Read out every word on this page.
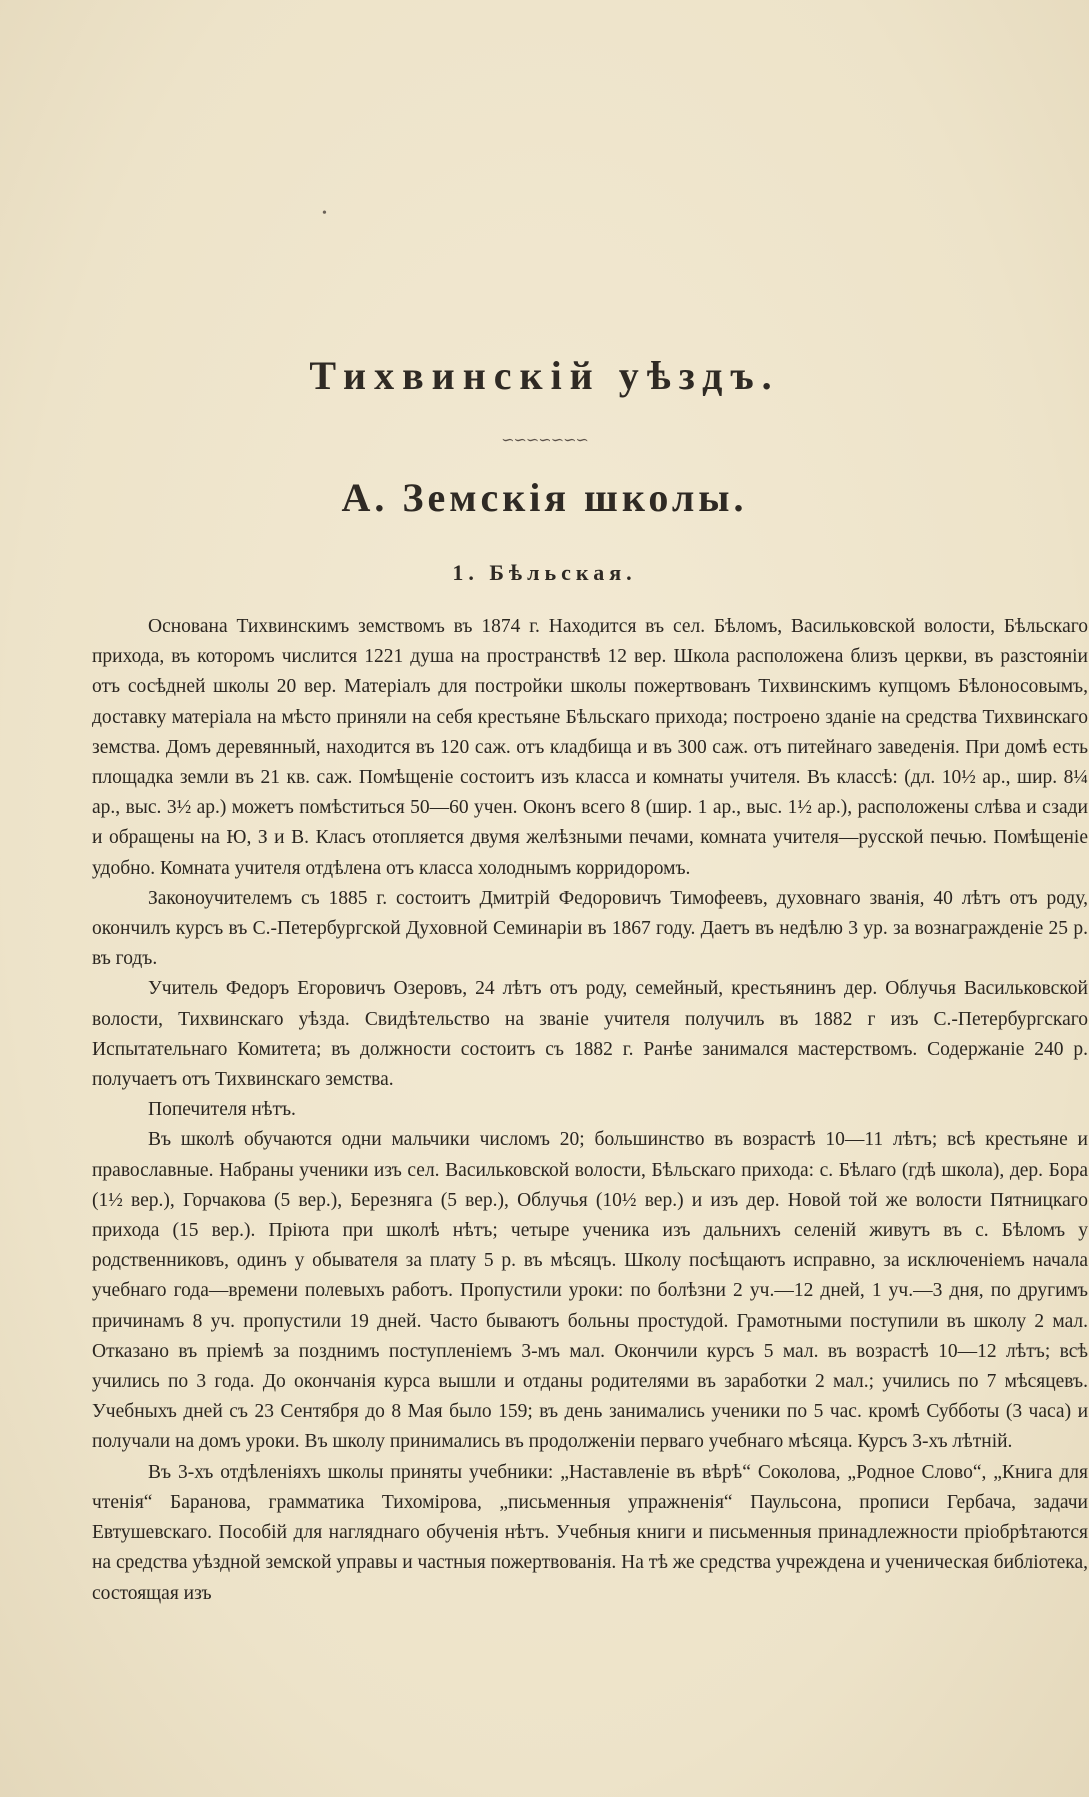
•
Тихвинскій уѣздъ.
∽∽∽∽∽∽∽
А. Земскія школы.
1. Бѣльская.

Основана Тихвинскимъ земствомъ въ 1874 г. Находится въ сел. Бѣломъ, Васильковской волости, Бѣльскаго прихода, въ которомъ числится 1221 душа на пространствѣ 12 вер. Школа расположена близъ церкви, въ разстояніи отъ сосѣдней школы 20 вер. Матеріалъ для постройки школы пожертвованъ Тихвинскимъ купцомъ Бѣлоносовымъ, доставку матеріала на мѣсто приняли на себя крестьяне Бѣльскаго прихода; построено зданіе на средства Тихвинскаго земства. Домъ деревянный, находится въ 120 саж. отъ кладбища и въ 300 саж. отъ питейнаго заведенія. При домѣ есть площадка земли въ 21 кв. саж. Помѣщеніе состоитъ изъ класса и комнаты учителя. Въ классѣ: (дл. 10½ ар., шир. 8¼ ар., выс. 3½ ар.) можетъ помѣститься 50—60 учен. Оконъ всего 8 (шир. 1 ар., выс. 1½ ар.), расположены слѣва и сзади и обращены на Ю, З и В. Класъ отопляется двумя желѣзными печами, комната учителя—русской печью. Помѣщеніе удобно. Комната учителя отдѣлена отъ класса холоднымъ корридоромъ.

Законоучителемъ съ 1885 г. состоитъ Дмитрій Федоровичъ Тимофеевъ, духовнаго званія, 40 лѣтъ отъ роду, окончилъ курсъ въ С.-Петербургской Духовной Семинаріи въ 1867 году. Даетъ въ недѣлю 3 ур. за вознагражденіе 25 р. въ годъ.

Учитель Федоръ Егоровичъ Озеровъ, 24 лѣтъ отъ роду, семейный, крестьянинъ дер. Облучья Васильковской волости, Тихвинскаго уѣзда. Свидѣтельство на званіе учителя получилъ въ 1882 г изъ С.-Петербургскаго Испытательнаго Комитета; въ должности состоитъ съ 1882 г. Ранѣе занимался мастерствомъ. Содержаніе 240 р. получаетъ отъ Тихвинскаго земства.

Попечителя нѣтъ.

Въ школѣ обучаются одни мальчики числомъ 20; большинство въ возрастѣ 10—11 лѣтъ; всѣ крестьяне и православные. Набраны ученики изъ сел. Васильковской волости, Бѣльскаго прихода: с. Бѣлаго (гдѣ школа), дер. Бора (1½ вер.), Горчакова (5 вер.), Березняга (5 вер.), Облучья (10½ вер.) и изъ дер. Новой той же волости Пятницкаго прихода (15 вер.). Пріюта при школѣ нѣтъ; четыре ученика изъ дальнихъ селеній живутъ въ с. Бѣломъ у родственниковъ, одинъ у обывателя за плату 5 р. въ мѣсяцъ. Школу посѣщаютъ исправно, за исключеніемъ начала учебнаго года—времени полевыхъ работъ. Пропустили уроки: по болѣзни 2 уч.—12 дней, 1 уч.—3 дня, по другимъ причинамъ 8 уч. пропустили 19 дней. Часто бываютъ больны простудой. Грамотными поступили въ школу 2 мал. Отказано въ пріемѣ за позднимъ поступленіемъ 3-мъ мал. Окончили курсъ 5 мал. въ возрастѣ 10—12 лѣтъ; всѣ учились по 3 года. До окончанія курса вышли и отданы родителями въ заработки 2 мал.; учились по 7 мѣсяцевъ. Учебныхъ дней съ 23 Сентября до 8 Мая было 159; въ день занимались ученики по 5 час. кромѣ Субботы (3 часа) и получали на домъ уроки. Въ школу принимались въ продолженіи перваго учебнаго мѣсяца. Курсъ 3-хъ лѣтній.

Въ 3-хъ отдѣленіяхъ школы приняты учебники: „Наставленіе въ вѣрѣ“ Соколова, „Родное Слово“, „Книга для чтенія“ Баранова, грамматика Тихомірова, „письменныя упражненія“ Паульсона, прописи Гербача, задачи Евтушевскаго. Пособій для нагляднаго обученія нѣтъ. Учебныя книги и письменныя принадлежности пріобрѣтаются на средства уѣздной земской управы и частныя пожертвованія. На тѣ же средства учреждена и ученическая библіотека, состоящая изъ
